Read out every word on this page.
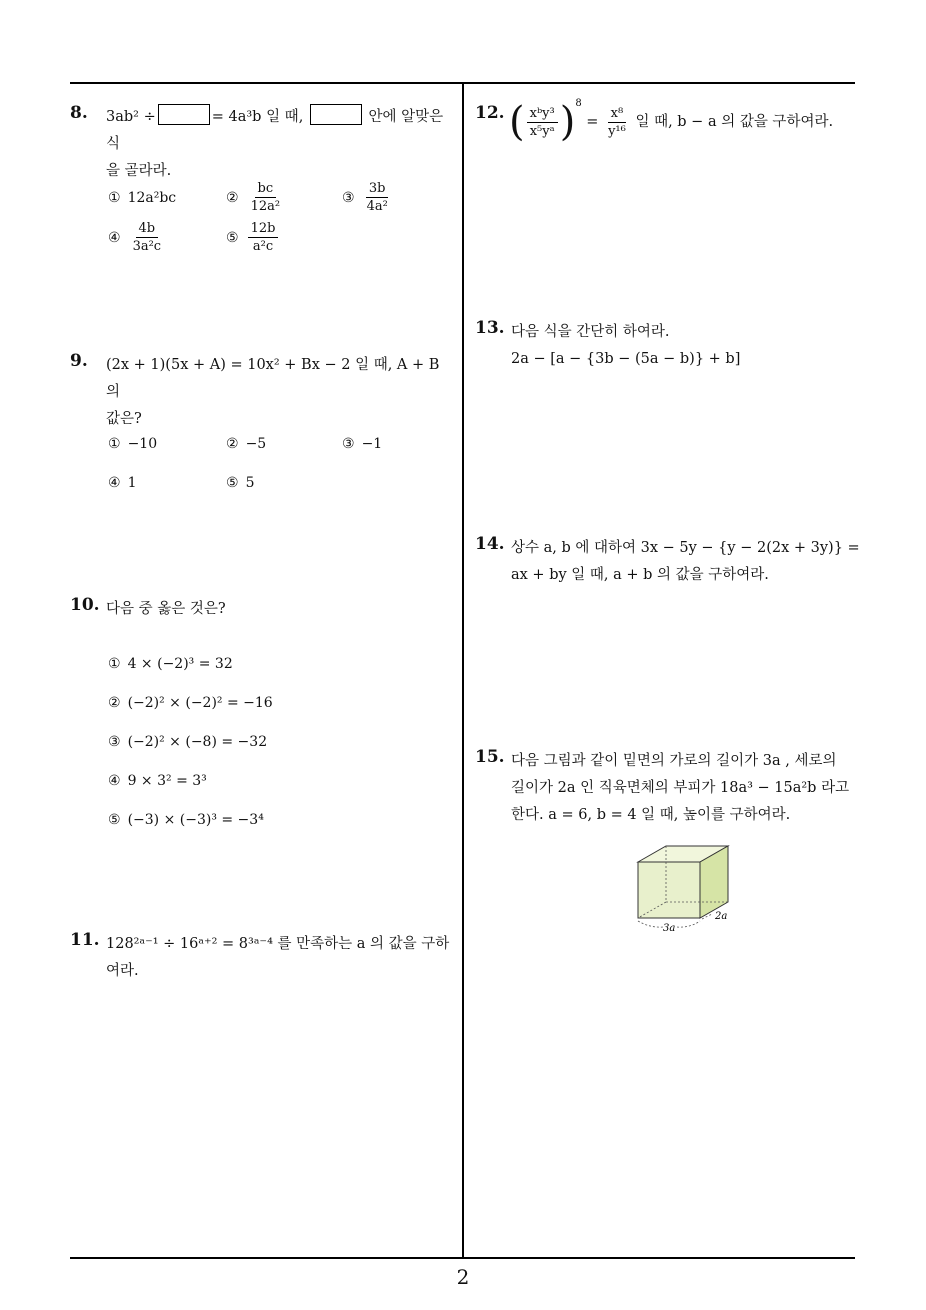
8. 3ab² ÷	= 4a³b 일 때,	안에 알맞은 식
을 골라라.
① 12a²bc	② $\frac{bc}{\text{12a²}}$	③ $\frac{3b}{\text{4a²}}$
④ $\frac{4b}{\text{3a²c}}$	⑤ $\frac{12b}{\text{a²c}}$
9. (2x + 1)(5x + A) = 10x² + Bx − 2 일 때, A + B 의
값은?
① −10	② −5	③ −1
④ 1	⑤ 5
10. 다음 중 옳은 것은?
① 4 × (−2)³ = 32
② (−2)² × (−2)² = −16
③ (−2)² × (−8) = −32
④ 9 × 3² = 3³
⑤ (−3) × (−3)³ = −3⁴
11. 128²ᵃ⁻¹ ÷ 16ᵃ⁺² = 8³ᵃ⁻⁴ 를 만족하는 a 의 값을 구하
여라.
12. ( $\frac{\text{xᵇy³}}{\text{x⁵yᵃ}} )^8 = \frac{\text{x⁸}}{\text{y¹⁶}}$ 일 때, b − a 의 값을 구하여라.
13. 다음 식을 간단히 하여라.
2a − [a − {3b − (5a − b)} + b]
14. 상수 a, b 에 대하여 3x − 5y − {y − 2(2x + 3y)} =
ax + by 일 때, a + b 의 값을 구하여라.
15. 다음 그림과 같이 밑면의 가로의 길이가 3a , 세로의
길이가 2a 인 직육면체의 부피가 18a³ − 15a²b 라고
한다. a = 6, b = 4 일 때, 높이를 구하여라.
3a
2a
2
